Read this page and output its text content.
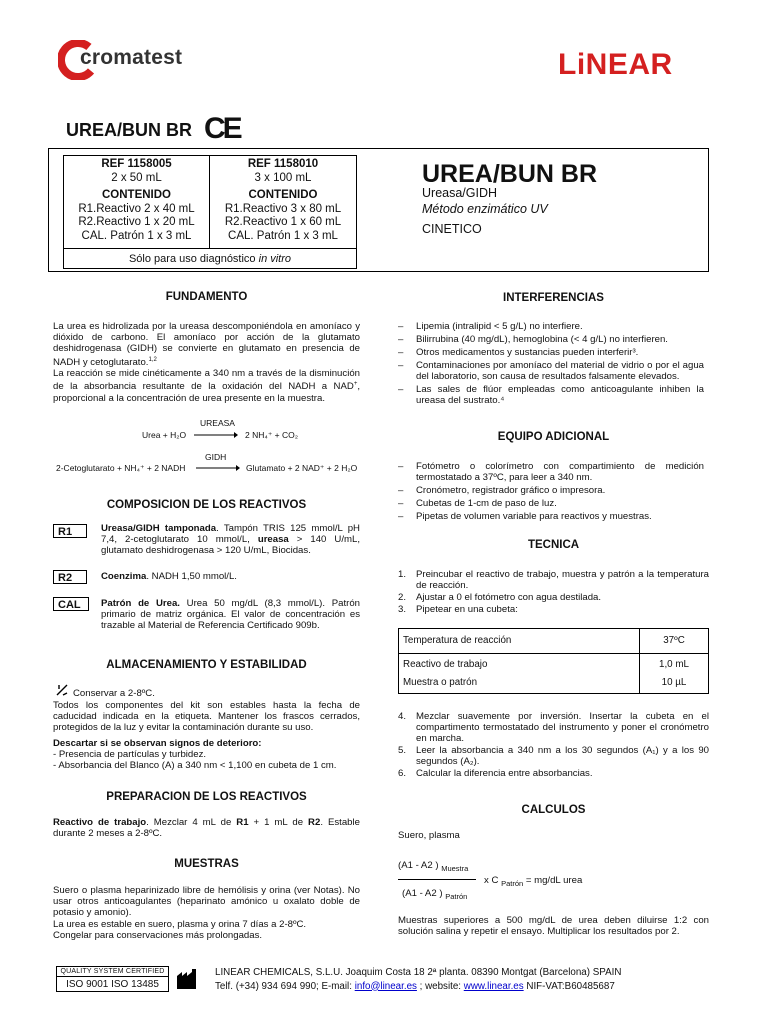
cromatest	LiNEAR
UREA/BUN BR CE
REF 1158005
2 x 50 mL
CONTENIDO
R1.Reactivo 2 x 40 mL
R2.Reactivo 1 x 20 mL
CAL. Patrón 1 x 3 mL
REF 1158010
3 x 100 mL
CONTENIDO
R1.Reactivo 3 x 80 mL
R2.Reactivo 1 x 60 mL
CAL. Patrón 1 x 3 mL
Sólo para uso diagnóstico in vitro
UREA/BUN BR
Ureasa/GIDH
Método enzimático UV
CINETICO
FUNDAMENTO
La urea es hidrolizada por la ureasa descomponiéndola en amoníaco y dióxido de carbono. El amoníaco por acción de la glutamato deshidrogenasa (GIDH) se convierte en glutamato en presencia de NADH y cetoglutarato.$^{1,2}$
La reacción se mide cinéticamente a 340 nm a través de la disminución de la absorbancia resultante de la oxidación del NADH a NAD+, proporcional a la concentración de urea presente en la muestra.
UREASA
Urea + H₂O → 2 NH₄⁺ + CO₂
GIDH
2-Cetoglutarato + NH₄⁺ + 2 NADH → Glutamato + 2 NAD⁺ + 2 H₂O
COMPOSICION DE LOS REACTIVOS
R1	Ureasa/GIDH tamponada. Tampón TRIS 125 mmol/L pH 7,4, 2-cetoglutarato 10 mmol/L, ureasa > 140 U/mL, glutamato deshidrogenasa > 120 U/mL, Biocidas.
R2	Coenzima. NADH 1,50 mmol/L.
CAL	Patrón de Urea. Urea 50 mg/dL (8,3 mmol/L). Patrón primario de matriz orgánica. El valor de concentración es trazable al Material de Referencia Certificado 909b.
ALMACENAMIENTO Y ESTABILIDAD
Conservar a 2-8ºC.
Todos los componentes del kit son estables hasta la fecha de caducidad indicada en la etiqueta. Mantener los frascos cerrados, protegidos de la luz y evitar la contaminación durante su uso.
Descartar si se observan signos de deterioro:
- Presencia de partículas y turbidez.
- Absorbancia del Blanco (A) a 340 nm < 1,100 en cubeta de 1 cm.
PREPARACION DE LOS REACTIVOS
Reactivo de trabajo. Mezclar 4 mL de R1 + 1 mL de R2. Estable durante 2 meses a 2-8ºC.
MUESTRAS
Suero o plasma heparinizado libre de hemólisis y orina (ver Notas). No usar otros anticoagulantes (heparinato amónico u oxalato doble de potasio y amonio).
La urea es estable en suero, plasma y orina 7 días a 2-8ºC.
Congelar para conservaciones más prolongadas.
INTERFERENCIAS
– Lipemia (intralipid < 5 g/L) no interfiere.
– Bilirrubina (40 mg/dL), hemoglobina (< 4 g/L) no interfieren.
– Otros medicamentos y sustancias pueden interferir³.
– Contaminaciones por amoníaco del material de vidrio o por el agua del laboratorio, son causa de resultados falsamente elevados.
– Las sales de flúor empleadas como anticoagulante inhiben la ureasa del sustrato.⁴
EQUIPO ADICIONAL
– Fotómetro o colorímetro con compartimiento de medición termostatado a 37ºC, para leer a 340 nm.
– Cronómetro, registrador gráfico o impresora.
– Cubetas de 1-cm de paso de luz.
– Pipetas de volumen variable para reactivos y muestras.
TECNICA
1. Preincubar el reactivo de trabajo, muestra y patrón a la temperatura de reacción.
2. Ajustar a 0 el fotómetro con agua destilada.
3. Pipetear en una cubeta:
Temperatura de reacción	37ºC
Reactivo de trabajo	1,0 mL
Muestra o patrón	10 µL
4. Mezclar suavemente por inversión. Insertar la cubeta en el compartimento termostatado del instrumento y poner el cronómetro en marcha.
5. Leer la absorbancia a 340 nm a los 30 segundos (A₁) y a los 90 segundos (A₂).
6. Calcular la diferencia entre absorbancias.
CALCULOS
Suero, plasma
(A1 - A2 ) $_{Muestra}$
x C $_{Patrón}$ = mg/dL urea
(A1 - A2 ) $_{Patrón}$
Muestras superiores a 500 mg/dL de urea deben diluirse 1:2 con solución salina y repetir el ensayo. Multiplicar los resultados por 2.
QUALITY SYSTEM CERTIFIED
ISO 9001 ISO 13485
LINEAR CHEMICALS, S.L.U. Joaquim Costa 18 2ª planta. 08390 Montgat (Barcelona) SPAIN
Telf. (+34) 934 694 990; E-mail: info@linear.es ; website: www.linear.es NIF-VAT:B60485687
